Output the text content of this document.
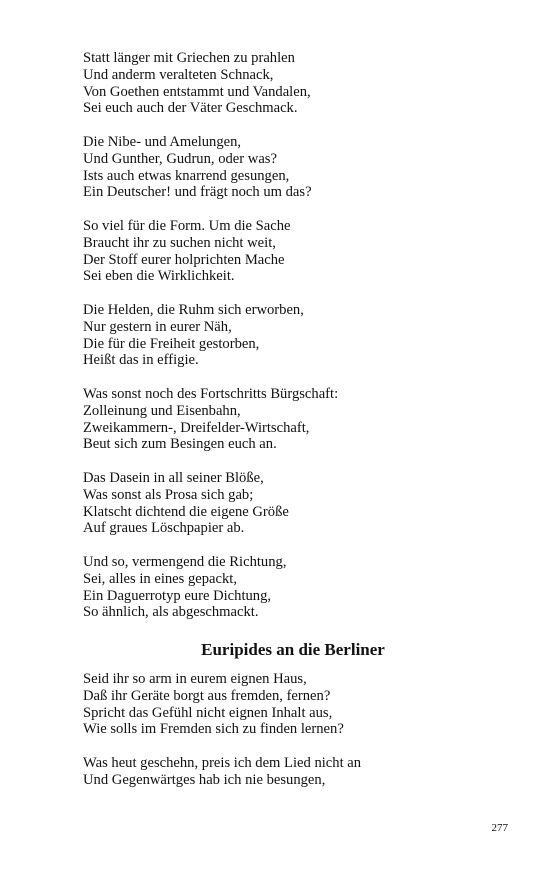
Statt länger mit Griechen zu prahlen
Und anderm veralteten Schnack,
Von Goethen entstammt und Vandalen,
Sei euch auch der Väter Geschmack.
Die Nibe- und Amelungen,
Und Gunther, Gudrun, oder was?
Ists auch etwas knarrend gesungen,
Ein Deutscher! und frägt noch um das?
So viel für die Form. Um die Sache
Braucht ihr zu suchen nicht weit,
Der Stoff eurer holprichten Mache
Sei eben die Wirklichkeit.
Die Helden, die Ruhm sich erworben,
Nur gestern in eurer Näh,
Die für die Freiheit gestorben,
Heißt das in effigie.
Was sonst noch des Fortschritts Bürgschaft:
Zolleinung und Eisenbahn,
Zweikammern-, Dreifelder-Wirtschaft,
Beut sich zum Besingen euch an.
Das Dasein in all seiner Blöße,
Was sonst als Prosa sich gab;
Klatscht dichtend die eigene Größe
Auf graues Löschpapier ab.
Und so, vermengend die Richtung,
Sei, alles in eines gepackt,
Ein Daguerrotyp eure Dichtung,
So ähnlich, als abgeschmackt.
Euripides an die Berliner
Seid ihr so arm in eurem eignen Haus,
Daß ihr Geräte borgt aus fremden, fernen?
Spricht das Gefühl nicht eignen Inhalt aus,
Wie solls im Fremden sich zu finden lernen?
Was heut geschehn, preis ich dem Lied nicht an
Und Gegenwärtges hab ich nie besungen,
277
